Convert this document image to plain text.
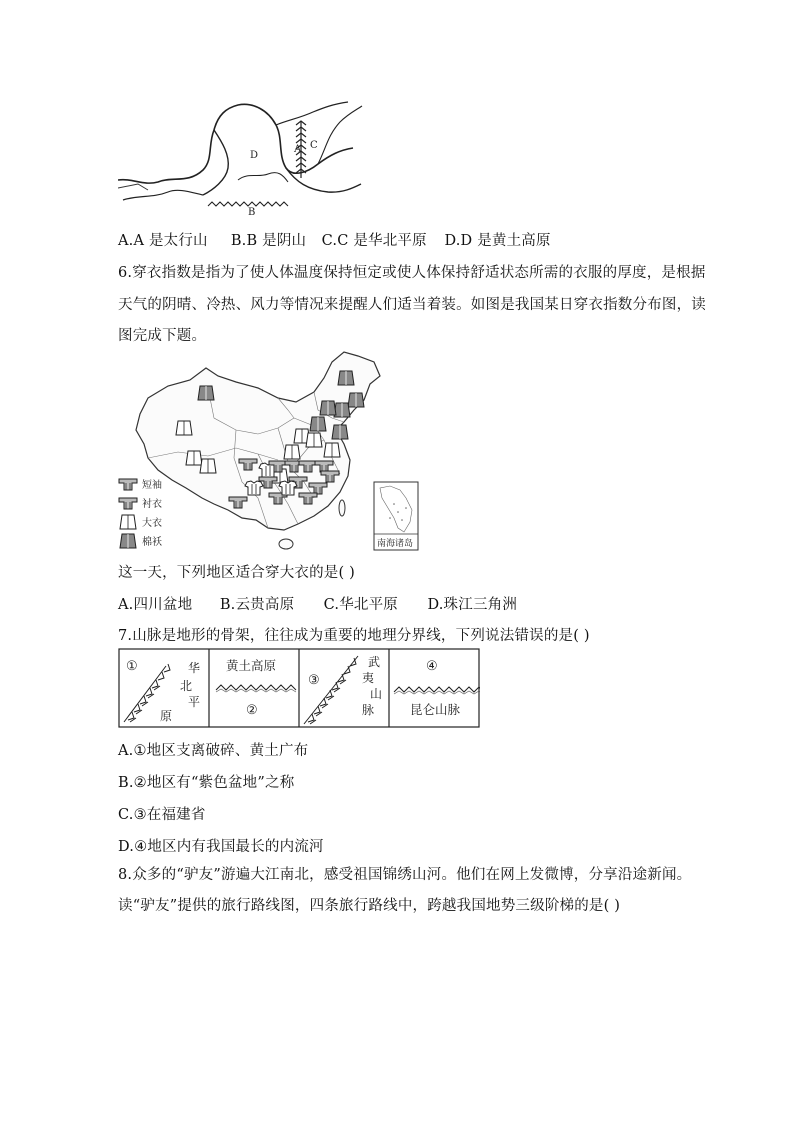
A
B
C
D
A.A 是太行山 B.B 是阴山 C.C 是华北平原 D.D 是黄土高原
6.穿衣指数是指为了使人体温度保持恒定或使人体保持舒适状态所需的衣服的厚度，是根据
天气的阴晴、冷热、风力等情况来提醒人们适当着装。如图是我国某日穿衣指数分布图，读
图完成下题。
短袖
衬衣
大衣
棉袄	南海诸岛
这一天，下列地区适合穿大衣的是( )
A.四川盆地 B.云贵高原 C.华北平原 D.珠江三角洲
7.山脉是地形的骨架，往往成为重要的地理分界线，下列说法错误的是( )
①	华
北
平
原
黄土高原
②
③
武
夷
山
脉
④
昆仑山脉
A.①地区支离破碎、黄土广布
B.②地区有“紫色盆地”之称
C.③在福建省
D.④地区内有我国最长的内流河
8.众多的“驴友”游遍大江南北，感受祖国锦绣山河。他们在网上发微博，分享沿途新闻。
读“驴友”提供的旅行路线图，四条旅行路线中，跨越我国地势三级阶梯的是( )
